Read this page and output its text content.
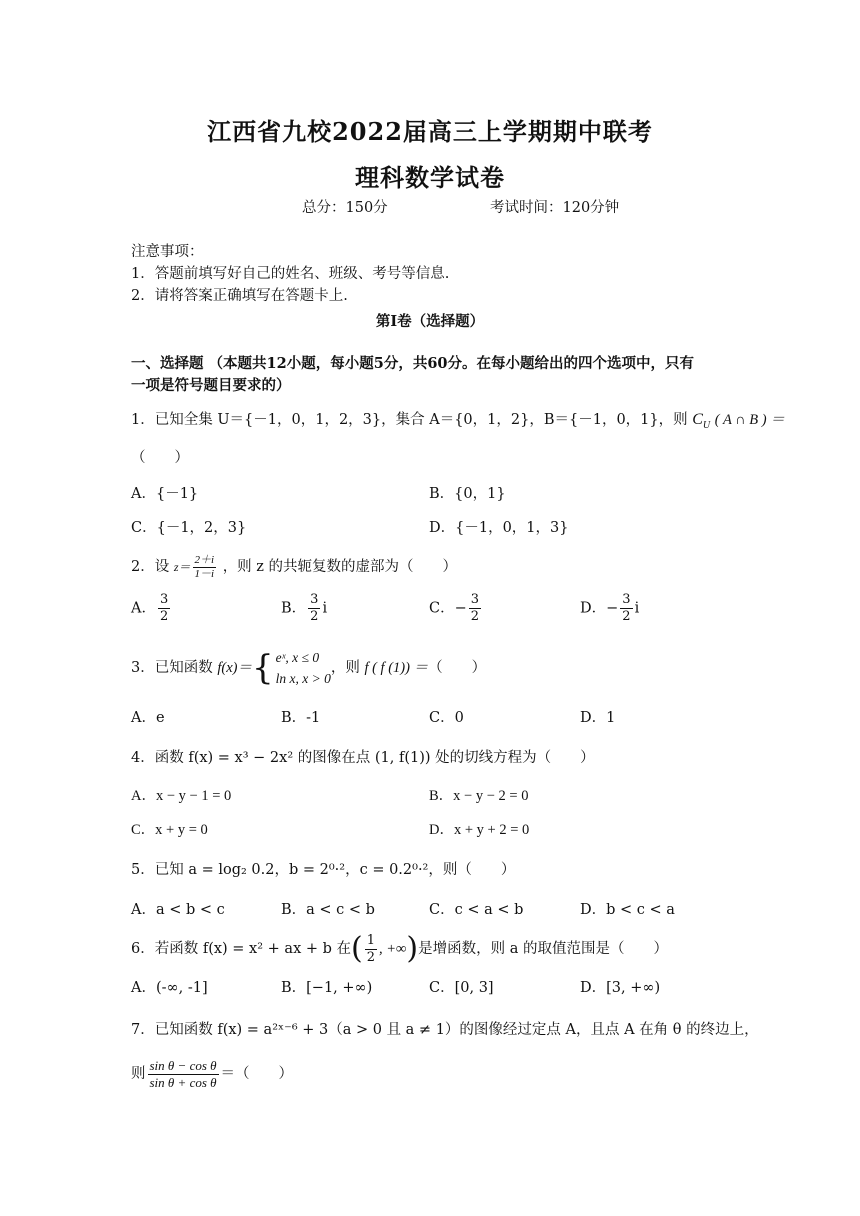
江西省九校2022届高三上学期期中联考
理科数学试卷
总分：150分	考试时间：120分钟
注意事项：
1．答题前填写好自己的姓名、班级、考号等信息.
2．请将答案正确填写在答题卡上.
第I卷（选择题）
一、选择题 （本题共12小题，每小题5分，共60分。在每小题给出的四个选项中，只有
一项是符号题目要求的）
1．已知全集 U＝{－1，0，1，2，3}，集合 A＝{0，1，2}，B＝{－1，0，1}，则 $C_U$ ( A ∩ B ) ＝
（　　）
A．{－1}	B．{0，1}
C．{－1，2，3}	D．{－1，0，1，3}
2．设 $z= \frac{2+i}{1-i}$ ，则 z 的共轭复数的虚部为（　　）
A． $\frac{3}{2}$	B． $\frac{3}{2}$ i	C．− $\frac{3}{2}$	D．− $\frac{3}{2}$ i
3．已知函数 f(x)＝{ eˣ, x ≤ 0
ln x, x > 0
，则 f ( f (1)) ＝（　　）
A．e	B．-1	C．0	D．1
4．函数 f(x) = x³ − 2x² 的图像在点 (1, f(1)) 处的切线方程为（　　）
A．x − y − 1 = 0	B．x − y − 2 = 0
C．x + y = 0	D．x + y + 2 = 0
5．已知 a = log₂ 0.2，b = 2⁰·²，c = 0.2⁰·²，则（　　）
A．a < b < c	B．a < c < b	C．c < a < b	D．b < c < a
6．若函数 f(x) = x² + ax + b 在( $\frac{1}{2}$ , +∞)是增函数，则 a 的取值范围是（　　）
A．(-∞, -1]	B．[−1, +∞)	C．[0, 3]	D．[3, +∞)
7．已知函数 f(x) = a²ˣ⁻⁶ + 3（a > 0 且 a ≠ 1）的图像经过定点 A，且点 A 在角 θ 的终边上，
则 $\frac{\text{sin θ − cos θ}}{\text{sin θ + cos θ}}$ ＝（　　）
